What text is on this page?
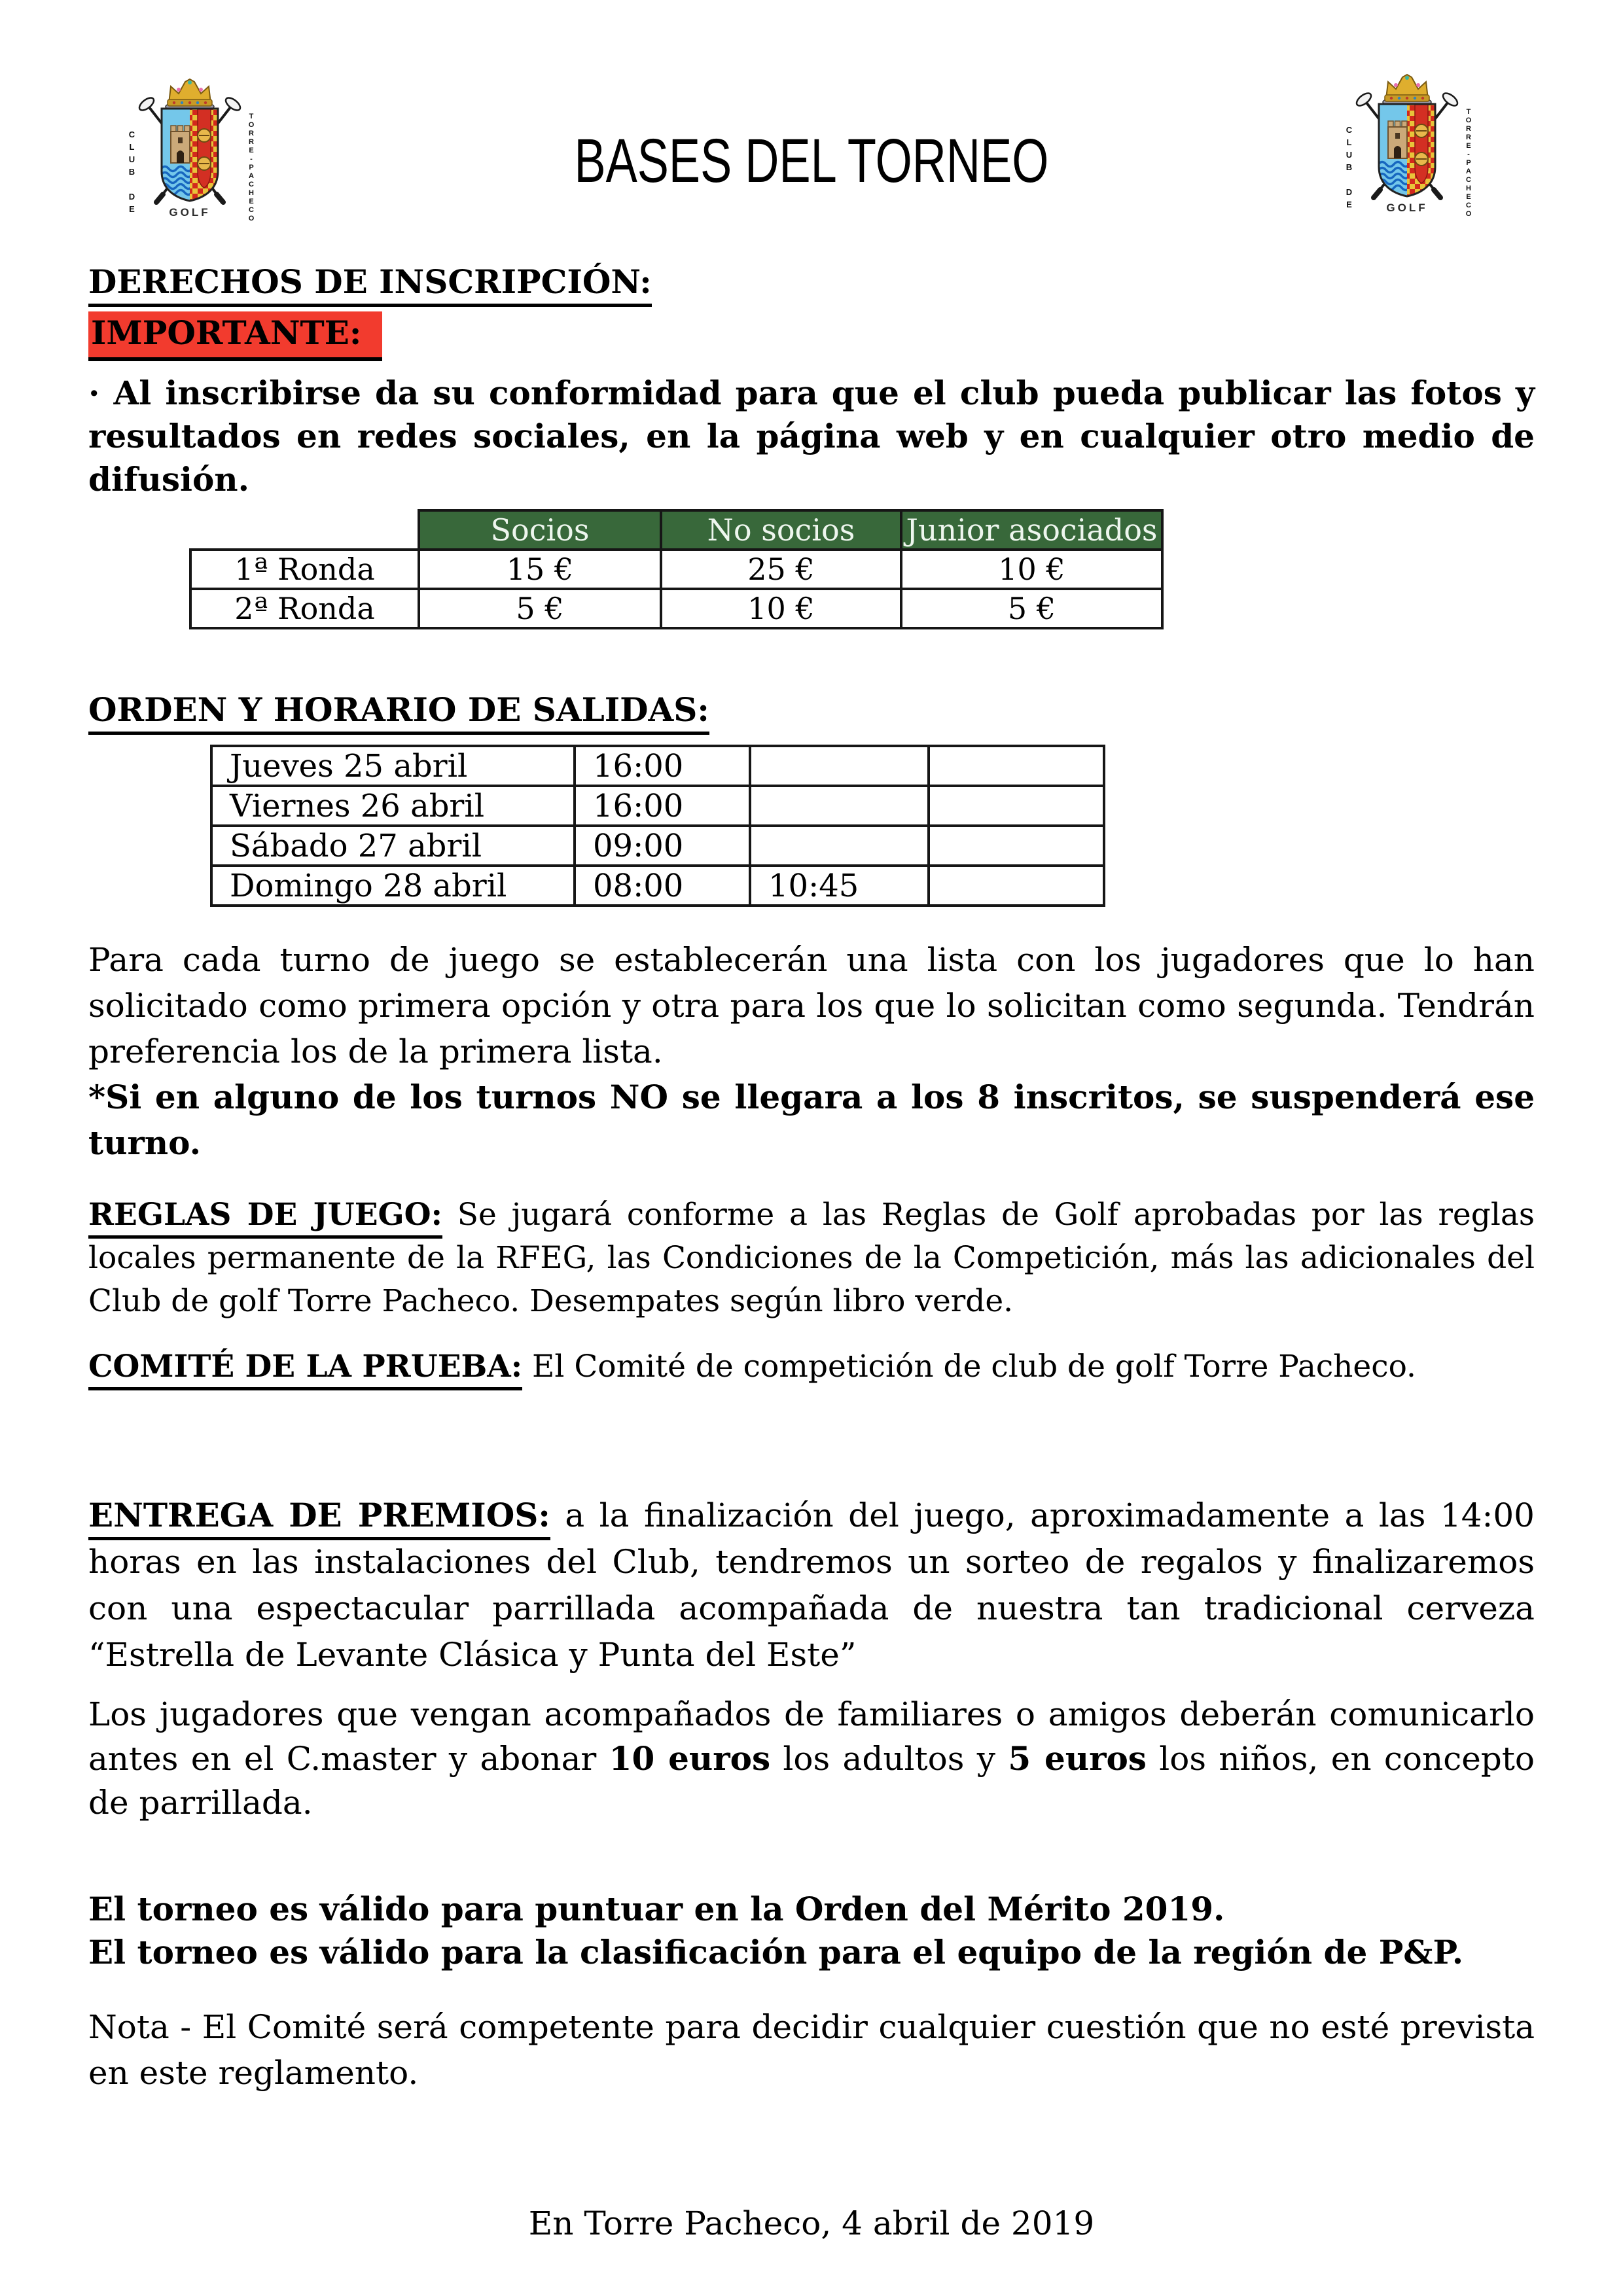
CLUB DE	TORRE-PACHECO
GOLF
BASES DEL TORNEO	CLUB DE	TORRE-PACHECO
GOLF
DERECHOS DE INSCRIPCIÓN:
IMPORTANTE:
· Al inscribirse da su conformidad para que el club pueda publicar las fotos y resultados en redes sociales, en la página web y en cualquier otro medio de difusión.
	Socios	No socios	Junior asociados
1ª Ronda	15 €	25 €	10 €
2ª Ronda	5 €	10 €	5 €
ORDEN Y HORARIO DE SALIDAS:
Jueves 25 abril	16:00		
Viernes 26 abril	16:00		
Sábado 27 abril	09:00		
Domingo 28 abril	08:00	10:45	
Para cada turno de juego se establecerán una lista con los jugadores que lo han solicitado como primera opción y otra para los que lo solicitan como segunda. Tendrán preferencia los de la primera lista.
*Si en alguno de los turnos NO se llegara a los 8 inscritos, se suspenderá ese turno.
REGLAS DE JUEGO: Se jugará conforme a las Reglas de Golf aprobadas por las reglas locales permanente de la RFEG, las Condiciones de la Competición, más las adicionales del Club de golf Torre Pacheco. Desempates según libro verde.
COMITÉ DE LA PRUEBA: El Comité de competición de club de golf Torre Pacheco.
ENTREGA DE PREMIOS: a la finalización del juego, aproximadamente a las 14:00 horas en las instalaciones del Club, tendremos un sorteo de regalos y finalizaremos con una espectacular parrillada acompañada de nuestra tan tradicional cerveza “Estrella de Levante Clásica y Punta del Este”
Los jugadores que vengan acompañados de familiares o amigos deberán comunicarlo antes en el C.master y abonar 10 euros los adultos y 5 euros los niños, en concepto de parrillada.
El torneo es válido para puntuar en la Orden del Mérito 2019.
El torneo es válido para la clasificación para el equipo de la región de P&P.
Nota - El Comité será competente para decidir cualquier cuestión que no esté prevista en este reglamento.
En Torre Pacheco, 4 abril de 2019
